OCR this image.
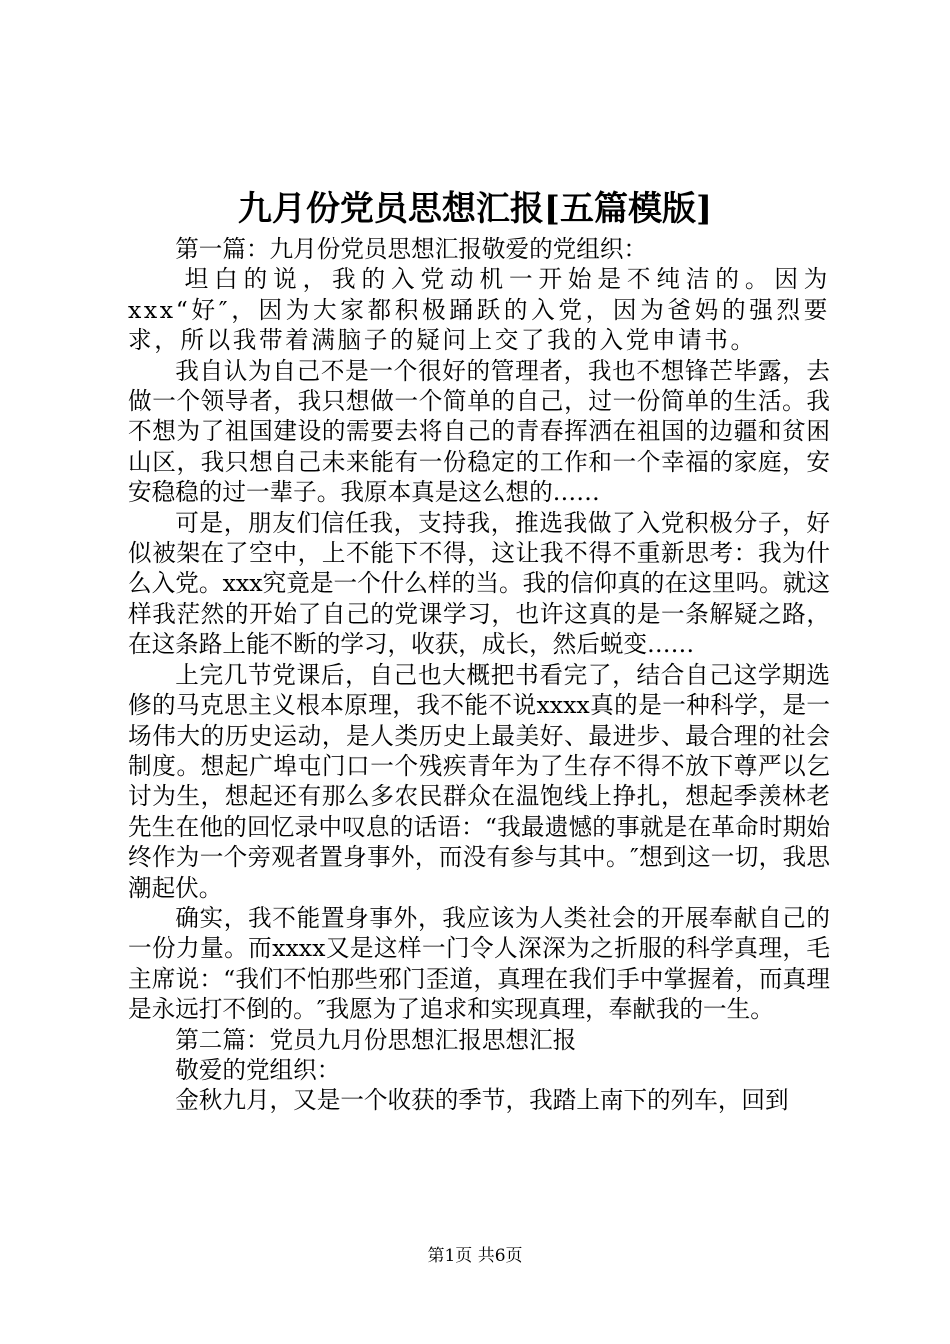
九月份党员思想汇报[五篇模版]

第一篇：九月份党员思想汇报敬爱的党组织：

坦白的说，我的入党动机一开始是不纯洁的。因为xxx“好″，因为大家都积极踊跃的入党，因为爸妈的强烈要求，所以我带着满脑子的疑问上交了我的入党申请书。

我自认为自己不是一个很好的管理者，我也不想锋芒毕露，去做一个领导者，我只想做一个简单的自己，过一份简单的生活。我不想为了祖国建设的需要去将自己的青春挥洒在祖国的边疆和贫困山区，我只想自己未来能有一份稳定的工作和一个幸福的家庭，安安稳稳的过一辈子。我原本真是这么想的……

可是，朋友们信任我，支持我，推选我做了入党积极分子，好似被架在了空中，上不能下不得，这让我不得不重新思考：我为什么入党。xxx究竟是一个什么样的当。我的信仰真的在这里吗。就这样我茫然的开始了自己的党课学习，也许这真的是一条解疑之路，在这条路上能不断的学习，收获，成长，然后蜕变……

上完几节党课后，自己也大概把书看完了，结合自己这学期选修的马克思主义根本原理，我不能不说xxxx真的是一种科学，是一场伟大的历史运动，是人类历史上最美好、最进步、最合理的社会制度。想起广埠屯门口一个残疾青年为了生存不得不放下尊严以乞讨为生，想起还有那么多农民群众在温饱线上挣扎，想起季羡林老先生在他的回忆录中叹息的话语：“我最遗憾的事就是在革命时期始终作为一个旁观者置身事外，而没有参与其中。″想到这一切，我思潮起伏。

确实，我不能置身事外，我应该为人类社会的开展奉献自己的一份力量。而xxxx又是这样一门令人深深为之折服的科学真理，毛主席说：“我们不怕那些邪门歪道，真理在我们手中掌握着，而真理是永远打不倒的。″我愿为了追求和实现真理，奉献我的一生。

第二篇：党员九月份思想汇报思想汇报

敬爱的党组织：

金秋九月，又是一个收获的季节，我踏上南下的列车，回到

第1页 共6页
